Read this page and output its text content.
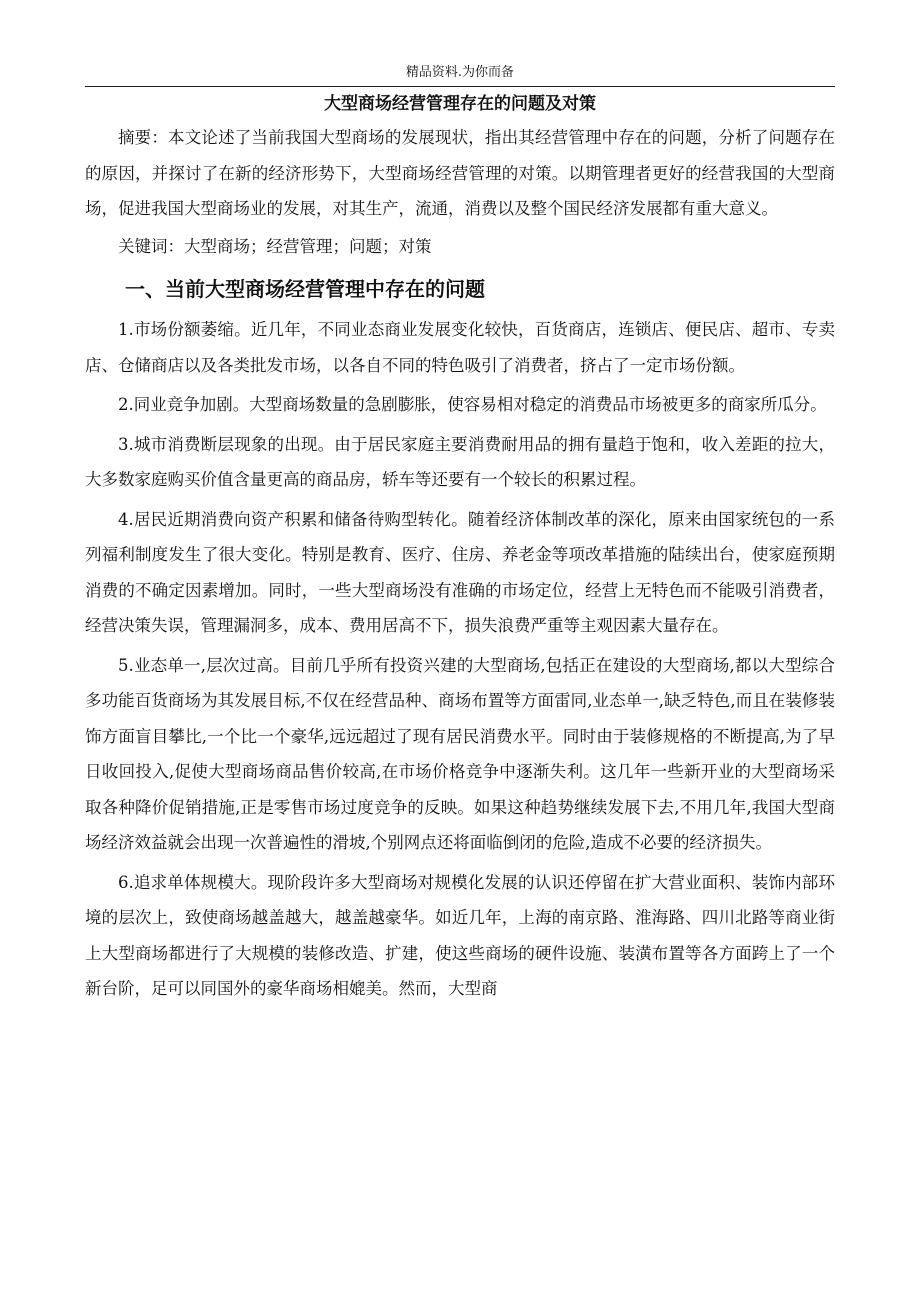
精品资料.为你而备
大型商场经营管理存在的问题及对策

摘要：本文论述了当前我国大型商场的发展现状，指出其经营管理中存在的问题，分析了问题存在的原因，并探讨了在新的经济形势下，大型商场经营管理的对策。以期管理者更好的经营我国的大型商场，促进我国大型商场业的发展，对其生产，流通，消费以及整个国民经济发展都有重大意义。

关键词：大型商场；经营管理；问题；对策

一、当前大型商场经营管理中存在的问题

1.市场份额萎缩。近几年，不同业态商业发展变化较快，百货商店，连锁店、便民店、超市、专卖店、仓储商店以及各类批发市场，以各自不同的特色吸引了消费者，挤占了一定市场份额。

2.同业竞争加剧。大型商场数量的急剧膨胀，使容易相对稳定的消费品市场被更多的商家所瓜分。

3.城市消费断层现象的出现。由于居民家庭主要消费耐用品的拥有量趋于饱和，收入差距的拉大，大多数家庭购买价值含量更高的商品房，轿车等还要有一个较长的积累过程。

4.居民近期消费向资产积累和储备待购型转化。随着经济体制改革的深化，原来由国家统包的一系列福利制度发生了很大变化。特别是教育、医疗、住房、养老金等项改革措施的陆续出台，使家庭预期消费的不确定因素增加。同时，一些大型商场没有准确的市场定位，经营上无特色而不能吸引消费者，经营决策失误，管理漏洞多，成本、费用居高不下，损失浪费严重等主观因素大量存在。

5.业态单一,层次过高。目前几乎所有投资兴建的大型商场,包括正在建设的大型商场,都以大型综合多功能百货商场为其发展目标,不仅在经营品种、商场布置等方面雷同,业态单一,缺乏特色,而且在装修装饰方面盲目攀比,一个比一个豪华,远远超过了现有居民消费水平。同时由于装修规格的不断提高,为了早日收回投入,促使大型商场商品售价较高,在市场价格竞争中逐渐失利。这几年一些新开业的大型商场采取各种降价促销措施,正是零售市场过度竞争的反映。如果这种趋势继续发展下去,不用几年,我国大型商场经济效益就会出现一次普遍性的滑坡,个别网点还将面临倒闭的危险,造成不必要的经济损失。

6.追求单体规模大。现阶段许多大型商场对规模化发展的认识还停留在扩大营业面积、装饰内部环境的层次上，致使商场越盖越大，越盖越豪华。如近几年，上海的南京路、淮海路、四川北路等商业街上大型商场都进行了大规模的装修改造、扩建，使这些商场的硬件设施、装潢布置等各方面跨上了一个新台阶，足可以同国外的豪华商场相媲美。然而，大型商
